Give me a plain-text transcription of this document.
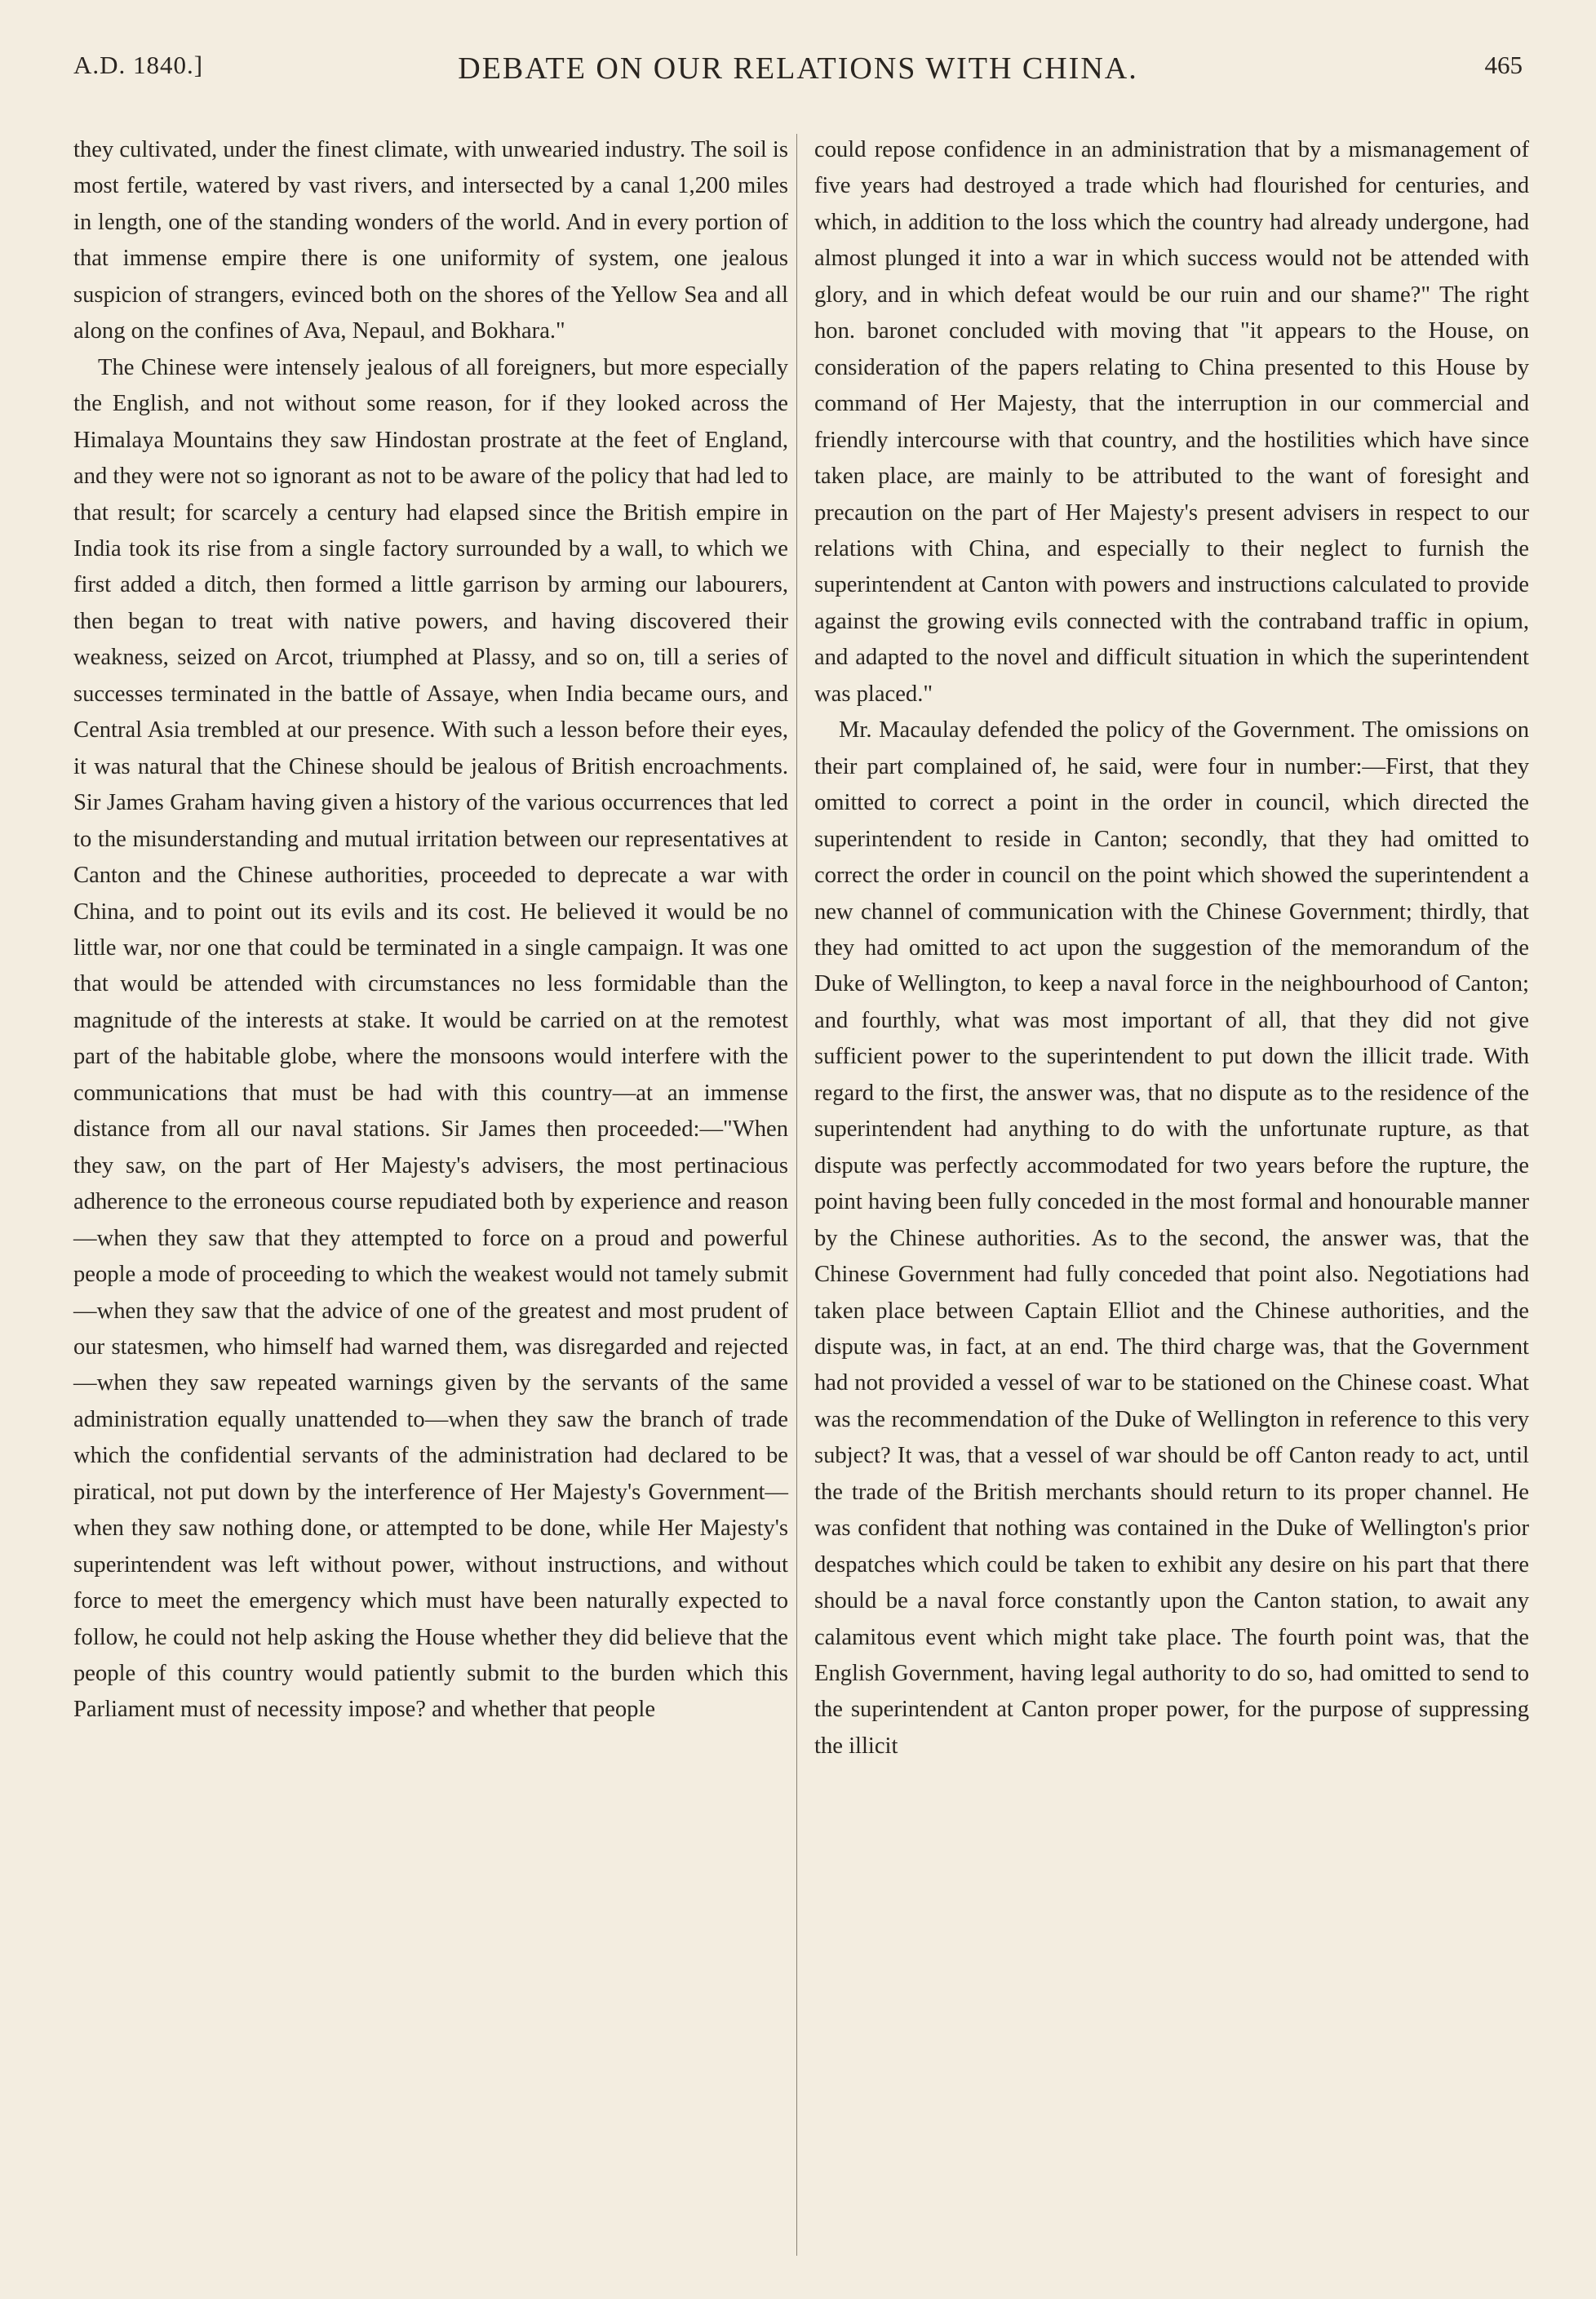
A.D. 1840.]	DEBATE ON OUR RELATIONS WITH CHINA.	465

they cultivated, under the finest climate, with unwearied industry. The soil is most fertile, watered by vast rivers, and intersected by a canal 1,200 miles in length, one of the standing wonders of the world. And in every portion of that immense empire there is one uniformity of system, one jealous suspicion of strangers, evinced both on the shores of the Yellow Sea and all along on the confines of Ava, Nepaul, and Bokhara."

The Chinese were intensely jealous of all foreigners, but more especially the English, and not without some reason, for if they looked across the Himalaya Mountains they saw Hindostan prostrate at the feet of England, and they were not so ignorant as not to be aware of the policy that had led to that result; for scarcely a century had elapsed since the British empire in India took its rise from a single factory surrounded by a wall, to which we first added a ditch, then formed a little garrison by arming our labourers, then began to treat with native powers, and having discovered their weakness, seized on Arcot, triumphed at Plassy, and so on, till a series of successes terminated in the battle of Assaye, when India became ours, and Central Asia trembled at our presence. With such a lesson before their eyes, it was natural that the Chinese should be jealous of British encroachments. Sir James Graham having given a history of the various occurrences that led to the misunderstanding and mutual irritation between our representatives at Canton and the Chinese authorities, proceeded to deprecate a war with China, and to point out its evils and its cost. He believed it would be no little war, nor one that could be terminated in a single campaign. It was one that would be attended with circumstances no less formidable than the magnitude of the interests at stake. It would be carried on at the remotest part of the habitable globe, where the monsoons would interfere with the communications that must be had with this country—at an immense distance from all our naval stations. Sir James then proceeded:—"When they saw, on the part of Her Majesty's advisers, the most pertinacious adherence to the erroneous course repudiated both by experience and reason—when they saw that they attempted to force on a proud and powerful people a mode of proceeding to which the weakest would not tamely submit—when they saw that the advice of one of the greatest and most prudent of our statesmen, who himself had warned them, was disregarded and rejected—when they saw repeated warnings given by the servants of the same administration equally unattended to—when they saw the branch of trade which the confidential servants of the administration had declared to be piratical, not put down by the interference of Her Majesty's Government—when they saw nothing done, or attempted to be done, while Her Majesty's superintendent was left without power, without instructions, and without force to meet the emergency which must have been naturally expected to follow, he could not help asking the House whether they did believe that the people of this country would patiently submit to the burden which this Parliament must of necessity impose? and whether that people

could repose confidence in an administration that by a mismanagement of five years had destroyed a trade which had flourished for centuries, and which, in addition to the loss which the country had already undergone, had almost plunged it into a war in which success would not be attended with glory, and in which defeat would be our ruin and our shame?" The right hon. baronet concluded with moving that "it appears to the House, on consideration of the papers relating to China presented to this House by command of Her Majesty, that the interruption in our commercial and friendly intercourse with that country, and the hostilities which have since taken place, are mainly to be attributed to the want of foresight and precaution on the part of Her Majesty's present advisers in respect to our relations with China, and especially to their neglect to furnish the superintendent at Canton with powers and instructions calculated to provide against the growing evils connected with the contraband traffic in opium, and adapted to the novel and difficult situation in which the superintendent was placed."

Mr. Macaulay defended the policy of the Government. The omissions on their part complained of, he said, were four in number:—First, that they omitted to correct a point in the order in council, which directed the superintendent to reside in Canton; secondly, that they had omitted to correct the order in council on the point which showed the superintendent a new channel of communication with the Chinese Government; thirdly, that they had omitted to act upon the suggestion of the memorandum of the Duke of Wellington, to keep a naval force in the neighbourhood of Canton; and fourthly, what was most important of all, that they did not give sufficient power to the superintendent to put down the illicit trade. With regard to the first, the answer was, that no dispute as to the residence of the superintendent had anything to do with the unfortunate rupture, as that dispute was perfectly accommodated for two years before the rupture, the point having been fully conceded in the most formal and honourable manner by the Chinese authorities. As to the second, the answer was, that the Chinese Government had fully conceded that point also. Negotiations had taken place between Captain Elliot and the Chinese authorities, and the dispute was, in fact, at an end. The third charge was, that the Government had not provided a vessel of war to be stationed on the Chinese coast. What was the recommendation of the Duke of Wellington in reference to this very subject? It was, that a vessel of war should be off Canton ready to act, until the trade of the British merchants should return to its proper channel. He was confident that nothing was contained in the Duke of Wellington's prior despatches which could be taken to exhibit any desire on his part that there should be a naval force constantly upon the Canton station, to await any calamitous event which might take place. The fourth point was, that the English Government, having legal authority to do so, had omitted to send to the superintendent at Canton proper power, for the purpose of suppressing the illicit
